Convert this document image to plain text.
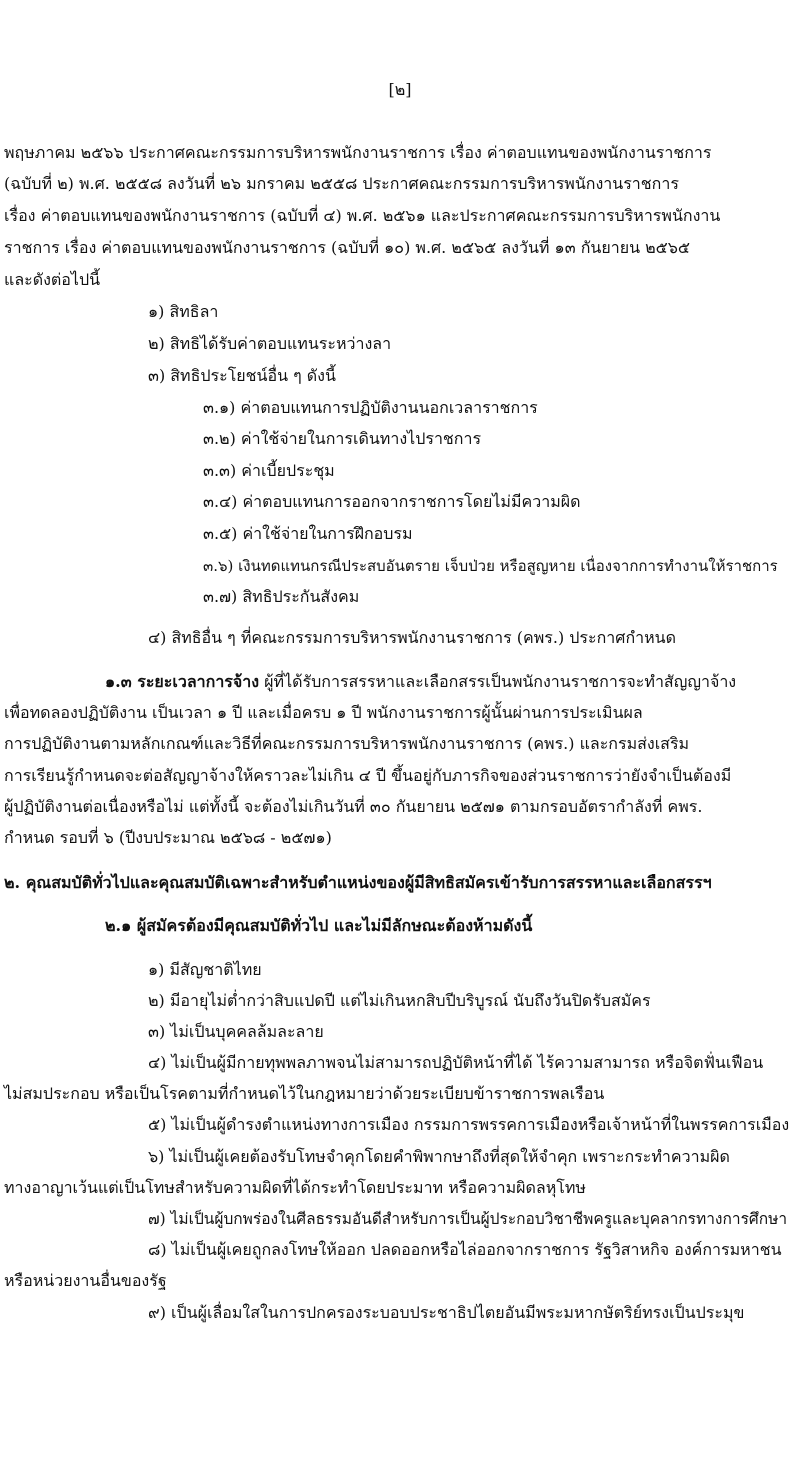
[๒]
พฤษภาคม ๒๕๖๖ ประกาศคณะกรรมการบริหารพนักงานราชการ เรื่อง ค่าตอบแทนของพนักงานราชการ
(ฉบับที่ ๒) พ.ศ. ๒๕๕๘ ลงวันที่ ๒๖ มกราคม ๒๕๕๘ ประกาศคณะกรรมการบริหารพนักงานราชการ
เรื่อง ค่าตอบแทนของพนักงานราชการ (ฉบับที่ ๔) พ.ศ. ๒๕๖๑ และประกาศคณะกรรมการบริหารพนักงาน
ราชการ เรื่อง ค่าตอบแทนของพนักงานราชการ (ฉบับที่ ๑๐) พ.ศ. ๒๕๖๕ ลงวันที่ ๑๓ กันยายน ๒๕๖๕
และดังต่อไปนี้
๑) สิทธิลา
๒) สิทธิได้รับค่าตอบแทนระหว่างลา
๓) สิทธิประโยชน์อื่น ๆ ดังนี้
๓.๑) ค่าตอบแทนการปฏิบัติงานนอกเวลาราชการ
๓.๒) ค่าใช้จ่ายในการเดินทางไปราชการ
๓.๓) ค่าเบี้ยประชุม
๓.๔) ค่าตอบแทนการออกจากราชการโดยไม่มีความผิด
๓.๕) ค่าใช้จ่ายในการฝึกอบรม
๓.๖) เงินทดแทนกรณีประสบอันตราย เจ็บป่วย หรือสูญหาย เนื่องจากการทำงานให้ราชการ
๓.๗) สิทธิประกันสังคม
๔) สิทธิอื่น ๆ ที่คณะกรรมการบริหารพนักงานราชการ (คพร.) ประกาศกำหนด
๑.๓ ระยะเวลาการจ้าง ผู้ที่ได้รับการสรรหาและเลือกสรรเป็นพนักงานราชการจะทำสัญญาจ้าง
เพื่อทดลองปฏิบัติงาน เป็นเวลา ๑ ปี และเมื่อครบ ๑ ปี พนักงานราชการผู้นั้นผ่านการประเมินผล
การปฏิบัติงานตามหลักเกณฑ์และวิธีที่คณะกรรมการบริหารพนักงานราชการ (คพร.) และกรมส่งเสริม
การเรียนรู้กำหนดจะต่อสัญญาจ้างให้คราวละไม่เกิน ๔ ปี ขึ้นอยู่กับภารกิจของส่วนราชการว่ายังจำเป็นต้องมี
ผู้ปฏิบัติงานต่อเนื่องหรือไม่ แต่ทั้งนี้ จะต้องไม่เกินวันที่ ๓๐ กันยายน ๒๕๗๑ ตามกรอบอัตรากำลังที่ คพร.
กำหนด รอบที่ ๖ (ปีงบประมาณ ๒๕๖๘ - ๒๕๗๑)
๒. คุณสมบัติทั่วไปและคุณสมบัติเฉพาะสำหรับตำแหน่งของผู้มีสิทธิสมัครเข้ารับการสรรหาและเลือกสรรฯ
๒.๑ ผู้สมัครต้องมีคุณสมบัติทั่วไป และไม่มีลักษณะต้องห้ามดังนี้
๑) มีสัญชาติไทย
๒) มีอายุไม่ต่ำกว่าสิบแปดปี แต่ไม่เกินหกสิบปีบริบูรณ์ นับถึงวันปิดรับสมัคร
๓) ไม่เป็นบุคคลล้มละลาย
๔) ไม่เป็นผู้มีกายทุพพลภาพจนไม่สามารถปฏิบัติหน้าที่ได้ ไร้ความสามารถ หรือจิตฟั่นเฟือน
ไม่สมประกอบ หรือเป็นโรคตามที่กำหนดไว้ในกฎหมายว่าด้วยระเบียบข้าราชการพลเรือน
๕) ไม่เป็นผู้ดำรงตำแหน่งทางการเมือง กรรมการพรรคการเมืองหรือเจ้าหน้าที่ในพรรคการเมือง
๖) ไม่เป็นผู้เคยต้องรับโทษจำคุกโดยคำพิพากษาถึงที่สุดให้จำคุก เพราะกระทำความผิด
ทางอาญาเว้นแต่เป็นโทษสำหรับความผิดที่ได้กระทำโดยประมาท หรือความผิดลหุโทษ
๗) ไม่เป็นผู้บกพร่องในศีลธรรมอันดีสำหรับการเป็นผู้ประกอบวิชาชีพครูและบุคลากรทางการศึกษา
๘) ไม่เป็นผู้เคยถูกลงโทษให้ออก ปลดออกหรือไล่ออกจากราชการ รัฐวิสาหกิจ องค์การมหาชน
หรือหน่วยงานอื่นของรัฐ
๙) เป็นผู้เลื่อมใสในการปกครองระบอบประชาธิปไตยอันมีพระมหากษัตริย์ทรงเป็นประมุข
